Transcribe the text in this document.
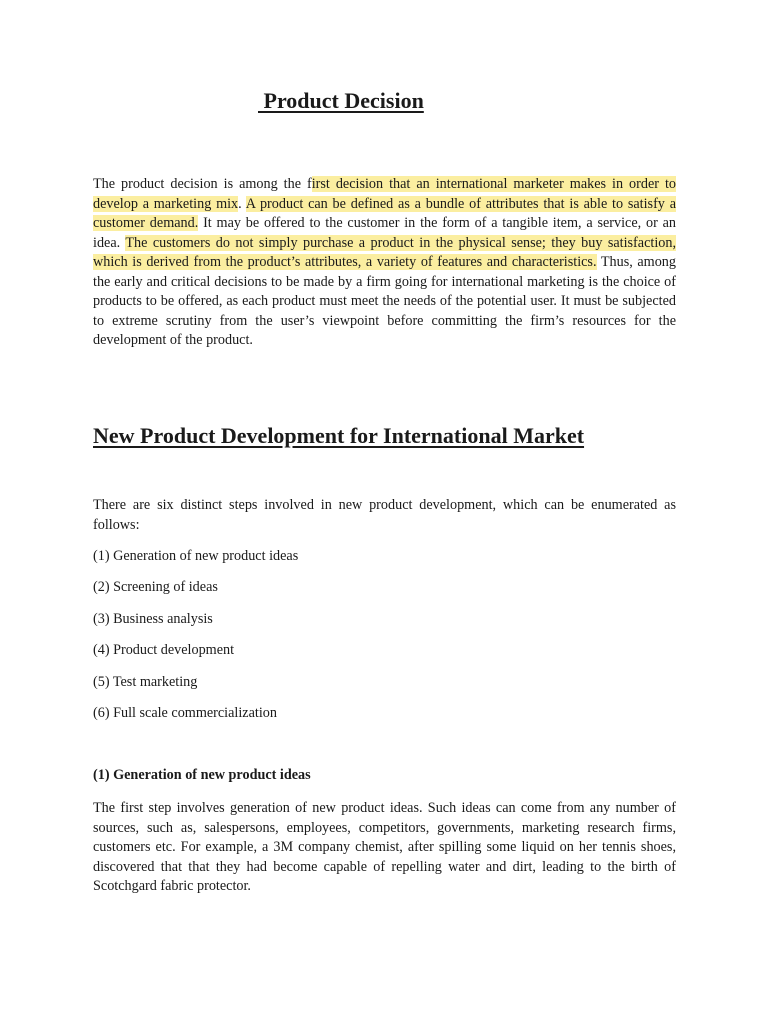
Product Decision

The product decision is among the first decision that an international marketer makes in order to develop a marketing mix. A product can be defined as a bundle of attributes that is able to satisfy a customer demand. It may be offered to the customer in the form of a tangible item, a service, or an idea. The customers do not simply purchase a product in the physical sense; they buy satisfaction, which is derived from the product’s attributes, a variety of features and characteristics. Thus, among the early and critical decisions to be made by a firm going for international marketing is the choice of products to be offered, as each product must meet the needs of the potential user. It must be subjected to extreme scrutiny from the user’s viewpoint before committing the firm’s resources for the development of the product.

New Product Development for International Market

There are six distinct steps involved in new product development, which can be enumerated as follows:

(1) Generation of new product ideas

(2) Screening of ideas

(3) Business analysis

(4) Product development

(5) Test marketing

(6) Full scale commercialization

(1) Generation of new product ideas

The first step involves generation of new product ideas. Such ideas can come from any number of sources, such as, salespersons, employees, competitors, governments, marketing research firms, customers etc. For example, a 3M company chemist, after spilling some liquid on her tennis shoes, discovered that that they had become capable of repelling water and dirt, leading to the birth of Scotchgard fabric protector.
